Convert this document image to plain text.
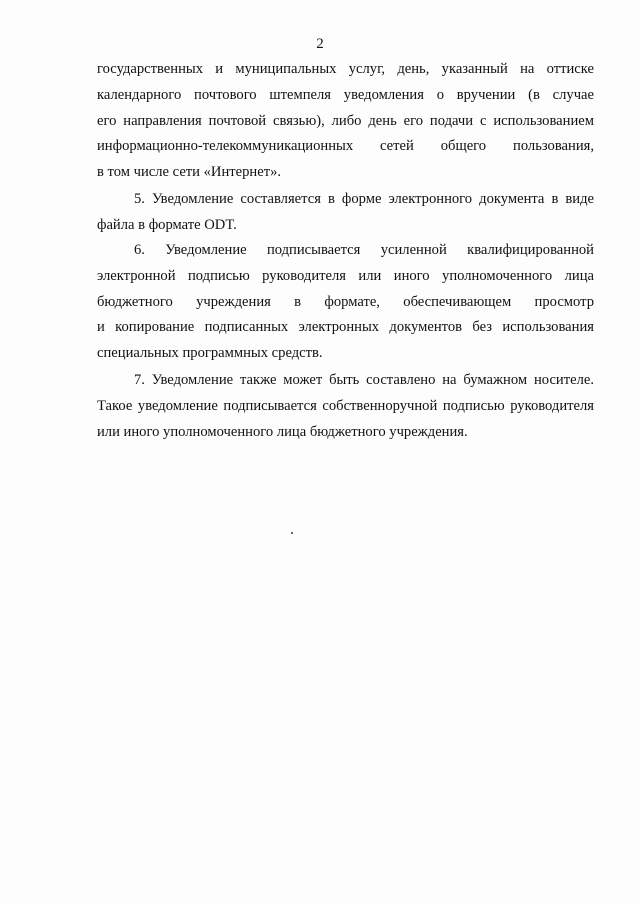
2
государственных и муниципальных услуг, день, указанный на оттиске
календарного почтового штемпеля уведомления о вручении (в случае
его направления почтовой связью), либо день его подачи с использованием
информационно-телекоммуникационных сетей общего пользования,
в том числе сети «Интернет».
5. Уведомление составляется в форме электронного документа в виде
файла в формате ODT.
6. Уведомление подписывается усиленной квалифицированной
электронной подписью руководителя или иного уполномоченного лица
бюджетного учреждения в формате, обеспечивающем просмотр
и копирование подписанных электронных документов без использования
специальных программных средств.
7. Уведомление также может быть составлено на бумажном носителе.
Такое уведомление подписывается собственноручной подписью руководителя
или иного уполномоченного лица бюджетного учреждения.
